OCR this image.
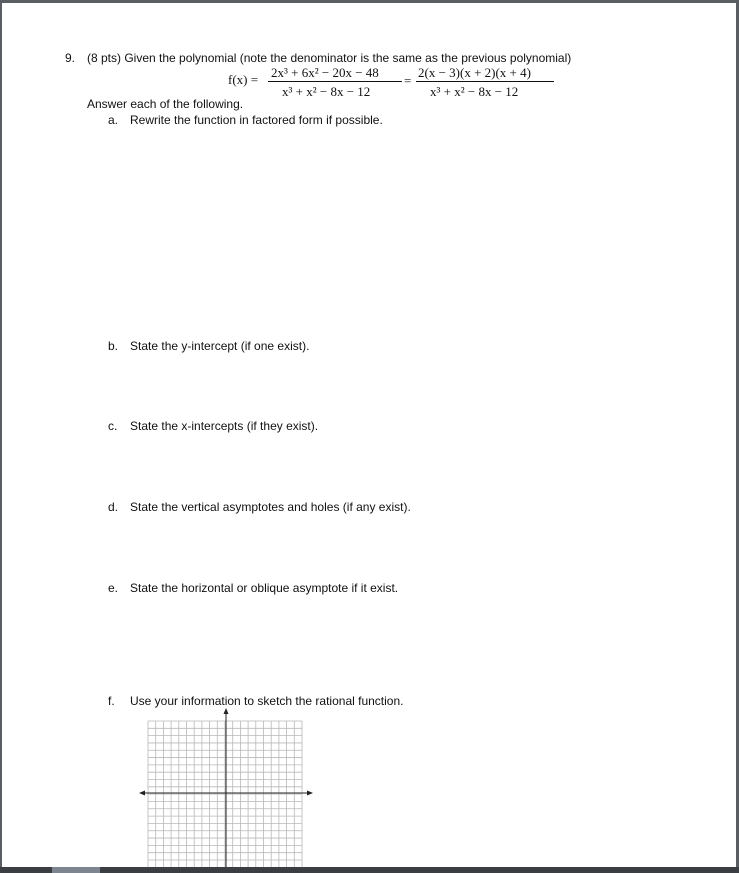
9. (8 pts) Given the polynomial (note the denominator is the same as the previous polynomial)
f(x) = 2x³ + 6x² − 20x − 48
x³ + x² − 8x − 12
=
2(x − 3)(x + 2)(x + 4)
x³ + x² − 8x − 12
Answer each of the following.
a. Rewrite the function in factored form if possible.
b. State the y-intercept (if one exist).
c. State the x-intercepts (if they exist).
d. State the vertical asymptotes and holes (if any exist).
e. State the horizontal or oblique asymptote if it exist.
f. Use your information to sketch the rational function.
